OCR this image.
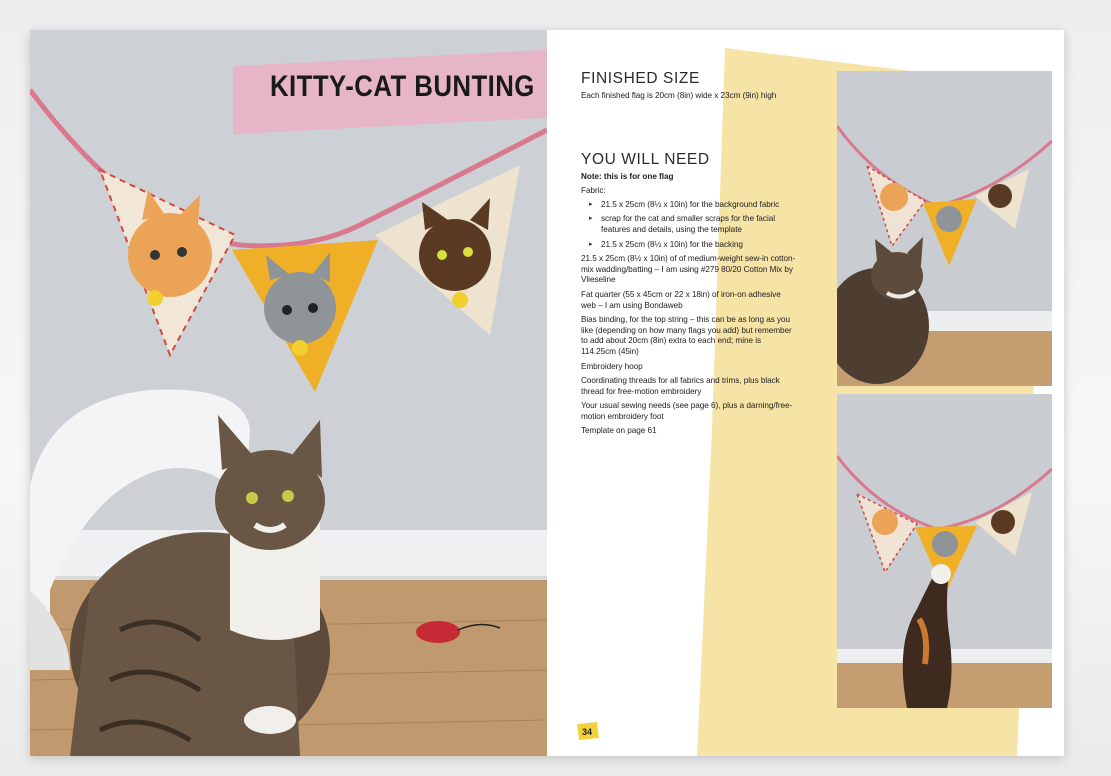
KITTY-CAT BUNTING	FINISHED SIZE

Each finished flag is 20cm (8in) wide x 23cm (9in) high

YOU WILL NEED

Note: this is for one flag

Fabric:

▸ 21.5 x 25cm (8½ x 10in) for the background fabric
▸ scrap for the cat and smaller scraps for the facial features and details, using the template
▸ 21.5 x 25cm (8½ x 10in) for the backing

21.5 x 25cm (8½ x 10in) of of medium-weight sew-in cotton-mix wadding/batting – I am using #279 80/20 Cotton Mix by Vlieseline

Fat quarter (55 x 45cm or 22 x 18in) of iron-on adhesive web – I am using Bondaweb

Bias binding, for the top string – this can be as long as you like (depending on how many flags you add) but remember to add about 20cm (8in) extra to each end; mine is 114.25cm (45in)

Embroidery hoop

Coordinating threads for all fabrics and trims, plus black thread for free-motion embroidery

Your usual sewing needs (see page 6), plus a darning/free-motion embroidery foot

Template on page 61

34
